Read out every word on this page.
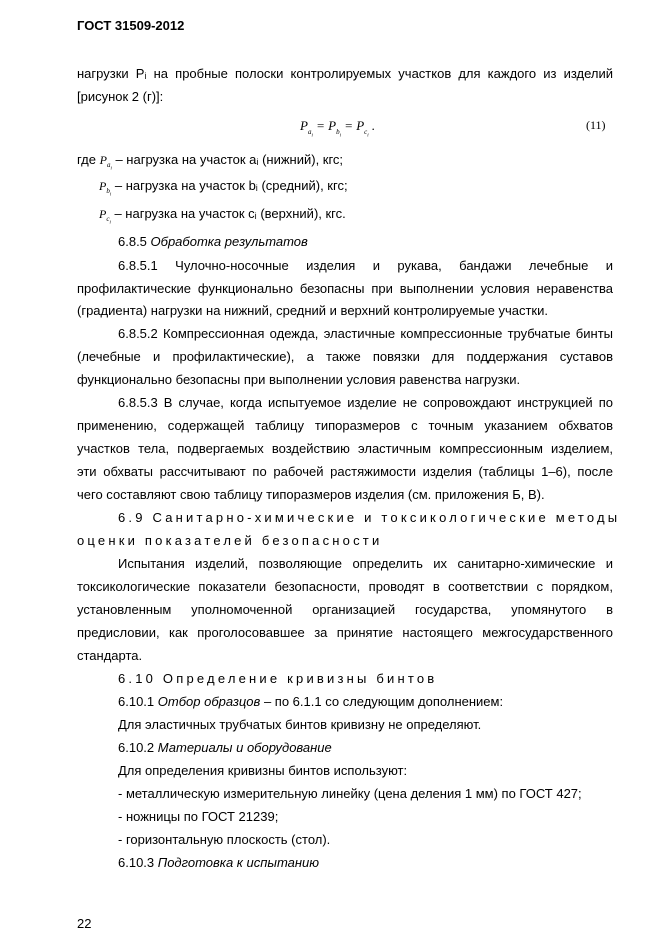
ГОСТ 31509-2012
нагрузки Pᵢ на пробные полоски контролируемых участков для каждого из изделий
[рисунок 2 (г)]:
$P_{a_i} = P_{b_i} = P_{c_i}$ .	(11)
где $P_{a_i}$ – нагрузка на участок aᵢ (нижний), кгс;
$P_{b_i}$ – нагрузка на участок bᵢ (средний), кгс;
$P_{c_i}$ – нагрузка на участок cᵢ (верхний), кгс.
6.8.5 Обработка результатов
6.8.5.1 Чулочно-носочные изделия и рукава, бандажи лечебные и
профилактические функционально безопасны при выполнении условия неравенства
(градиента) нагрузки на нижний, средний и верхний контролируемые участки.
6.8.5.2 Компрессионная одежда, эластичные компрессионные трубчатые бинты
(лечебные и профилактические), а также повязки для поддержания суставов
функционально безопасны при выполнении условия равенства нагрузки.
6.8.5.3 В случае, когда испытуемое изделие не сопровождают инструкцией по
применению, содержащей таблицу типоразмеров с точным указанием обхватов
участков тела, подвергаемых воздействию эластичным компрессионным изделием,
эти обхваты рассчитывают по рабочей растяжимости изделия (таблицы 1–6), после
чего составляют свою таблицу типоразмеров изделия (см. приложения Б, В).
6.9 Санитарно-химические и токсикологические методы
оценки показателей безопасности
Испытания изделий, позволяющие определить их санитарно-химические и
токсикологические показатели безопасности, проводят в соответствии с порядком,
установленным уполномоченной организацией государства, упомянутого в
предисловии, как проголосовавшее за принятие настоящего межгосударственного
стандарта.
6.10 Определение кривизны бинтов
6.10.1 Отбор образцов – по 6.1.1 со следующим дополнением:
Для эластичных трубчатых бинтов кривизну не определяют.
6.10.2 Материалы и оборудование
Для определения кривизны бинтов используют:
- металлическую измерительную линейку (цена деления 1 мм) по ГОСТ 427;
- ножницы по ГОСТ 21239;
- горизонтальную плоскость (стол).
6.10.3 Подготовка к испытанию
22
